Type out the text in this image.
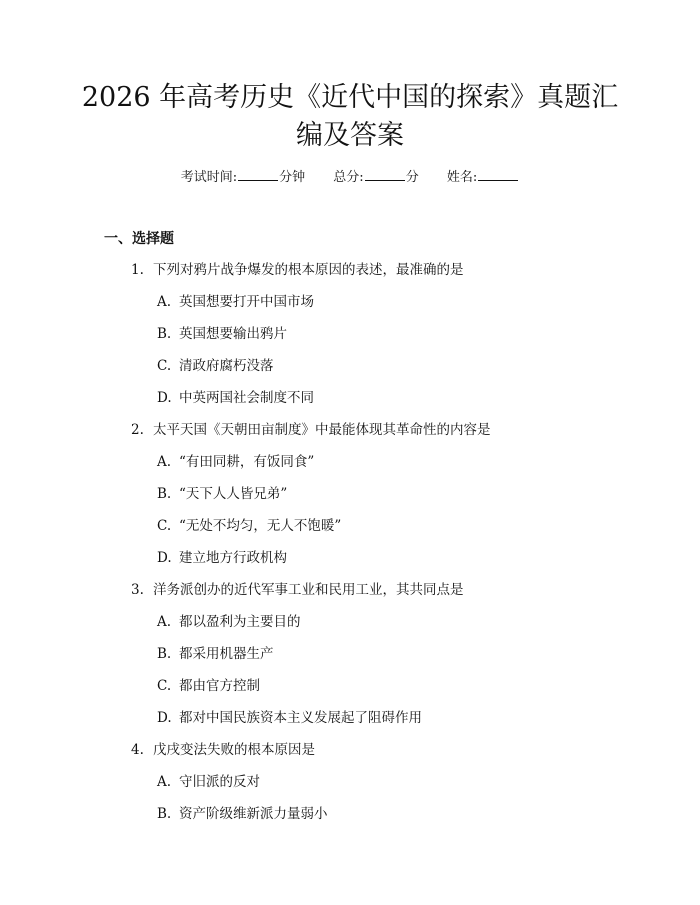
2026 年高考历史《近代中国的探索》真题汇
编及答案
考试时间:	分钟 总分:	分 姓名:
一、选择题
1. 下列对鸦片战争爆发的根本原因的表述，最准确的是
A. 英国想要打开中国市场
B. 英国想要输出鸦片
C. 清政府腐朽没落
D. 中英两国社会制度不同
2. 太平天国《天朝田亩制度》中最能体现其革命性的内容是
A. “有田同耕，有饭同食”
B. “天下人人皆兄弟”
C. “无处不均匀，无人不饱暖”
D. 建立地方行政机构
3. 洋务派创办的近代军事工业和民用工业，其共同点是
A. 都以盈利为主要目的
B. 都采用机器生产
C. 都由官方控制
D. 都对中国民族资本主义发展起了阻碍作用
4. 戊戌变法失败的根本原因是
A. 守旧派的反对
B. 资产阶级维新派力量弱小
